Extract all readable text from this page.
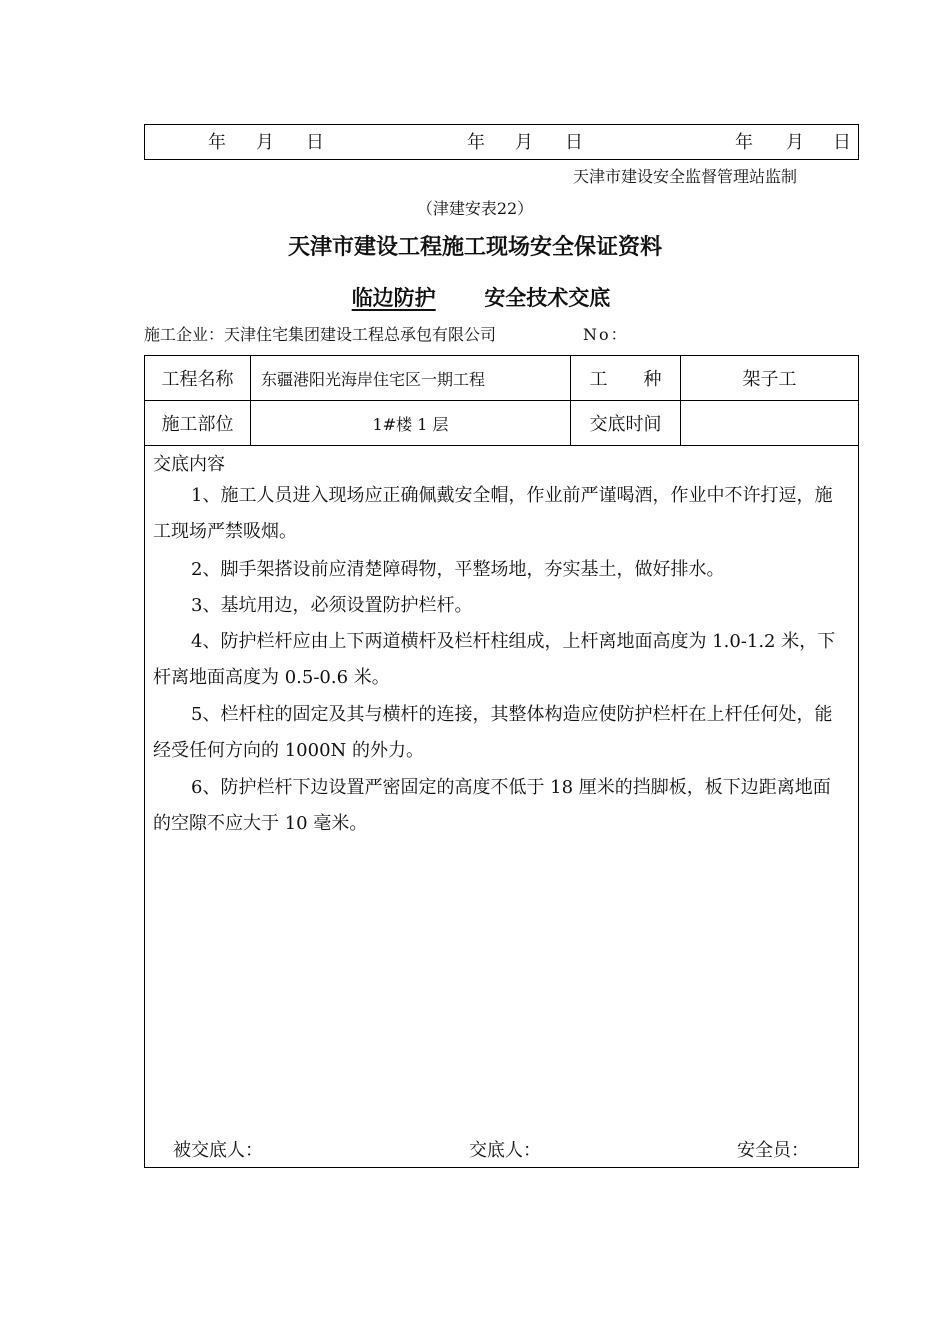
年 月 日	年 月 日	年 月 日
天津市建设安全监督管理站监制
（津建安表22）
天津市建设工程施工现场安全保证资料
临边防护 安全技术交底
施工企业：天津住宅集团建设工程总承包有限公司	No：
工程名称	东疆港阳光海岸住宅区一期工程	工　　种	架子工
施工部位	1#楼 1 层	交底时间	
交底内容

1、施工人员进入现场应正确佩戴安全帽，作业前严谨喝酒，作业中不许打逗，施工现场严禁吸烟。

2、脚手架搭设前应清楚障碍物，平整场地，夯实基土，做好排水。

3、基坑用边，必须设置防护栏杆。

4、防护栏杆应由上下两道横杆及栏杆柱组成，上杆离地面高度为 1.0-1.2 米，下杆离地面高度为 0.5-0.6 米。

5、栏杆柱的固定及其与横杆的连接，其整体构造应使防护栏杆在上杆任何处，能经受任何方向的 1000N 的外力。

6、防护栏杆下边设置严密固定的高度不低于 18 厘米的挡脚板，板下边距离地面的空隙不应大于 10 毫米。

被交底人：	交底人：	安全员：
